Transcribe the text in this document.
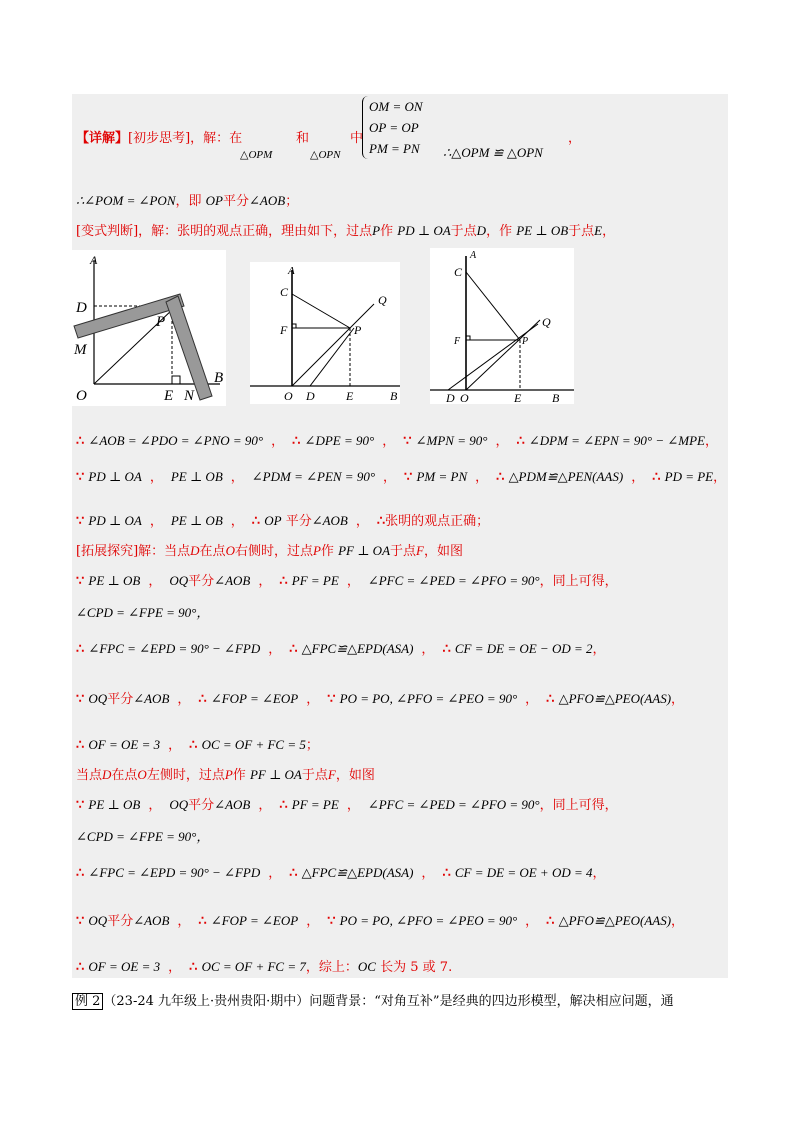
【详解】[初步思考]，解：在
△OPM
和
△OPN
中
OM = ON
OP = OP
PM = PN ∴△OPM ≌ △OPN
，
∴∠POM = ∠PON，即 OP平分∠AOB；
[变式判断]，解：张明的观点正确，理由如下，过点P作 PD ⊥ OA于点D，作 PE ⊥ OB于点E，
A
D
M
P
O	E N
B
A
C
F	P
Q
O D	E	B
A
C
F	P
Q
D O	E	B
∴ ∠AOB = ∠PDO = ∠PNO = 90° ， ∴ ∠DPE = 90° ， ∵ ∠MPN = 90° ， ∴ ∠DPM = ∠EPN = 90° − ∠MPE，
∵ PD ⊥ OA ， PE ⊥ OB ， ∠PDM = ∠PEN = 90° ， ∵ PM = PN ， ∴ △PDM≌△PEN(AAS) ， ∴ PD = PE，
∵ PD ⊥ OA ， PE ⊥ OB ， ∴ OP 平分∠AOB ， ∴张明的观点正确；
[拓展探究]解：当点D在点O右侧时，过点P作 PF ⊥ OA于点F，如图
∵ PE ⊥ OB ， OQ平分∠AOB ， ∴ PF = PE ， ∠PFC = ∠PED = ∠PFO = 90°，同上可得，
∠CPD = ∠FPE = 90°，
∴ ∠FPC = ∠EPD = 90° − ∠FPD ， ∴ △FPC≌△EPD(ASA) ， ∴ CF = DE = OE − OD = 2，
∵ OQ平分∠AOB ， ∴ ∠FOP = ∠EOP ， ∵ PO = PO, ∠PFO = ∠PEO = 90° ， ∴ △PFO≌△PEO(AAS)，
∴ OF = OE = 3 ， ∴ OC = OF + FC = 5；
当点D在点O左侧时，过点P作 PF ⊥ OA于点F，如图
∵ PE ⊥ OB ， OQ平分∠AOB ， ∴ PF = PE ， ∠PFC = ∠PED = ∠PFO = 90°，同上可得，
∠CPD = ∠FPE = 90°，
∴ ∠FPC = ∠EPD = 90° − ∠FPD ， ∴ △FPC≌△EPD(ASA) ， ∴ CF = DE = OE + OD = 4，
∵ OQ平分∠AOB ， ∴ ∠FOP = ∠EOP ， ∵ PO = PO, ∠PFO = ∠PEO = 90° ， ∴ △PFO≌△PEO(AAS)，
∴ OF = OE = 3 ， ∴ OC = OF + FC = 7，综上：OC 长为 5 或 7.
例 2 （23-24 九年级上·贵州贵阳·期中）问题背景：“对角互补”是经典的四边形模型，解决相应问题，通
